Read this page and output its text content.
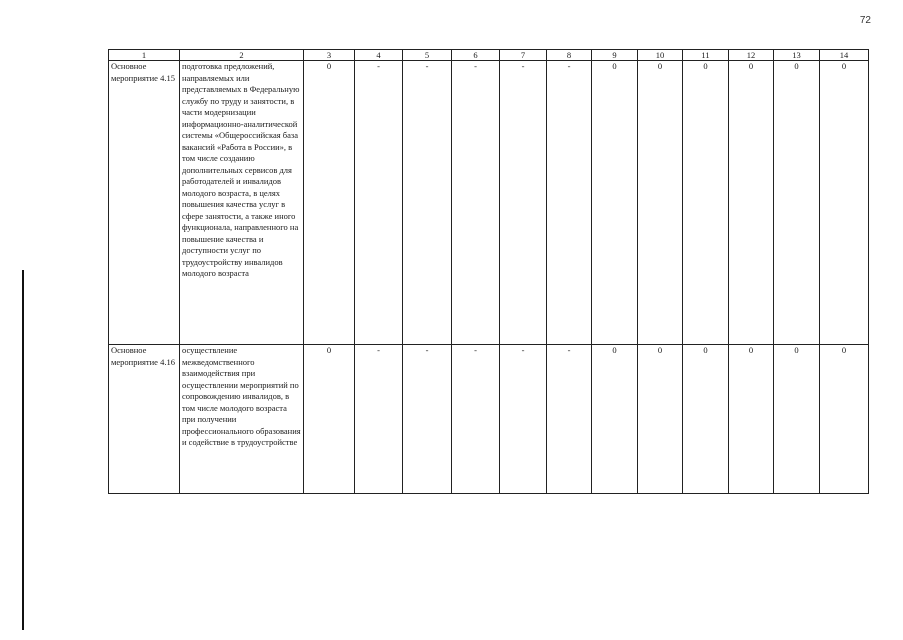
72
1	2	3	4	5	6	7	8	9	10	11	12	13	14
Основное мероприятие 4.15	подготовка предложений, направляемых или представляемых в Федеральную службу по труду и занятости, в части модернизации информационно-аналитической системы «Общероссийская база вакансий «Работа в России», в том числе созданию дополнительных сервисов для работодателей и инвалидов молодого возраста, в целях повышения качества услуг в сфере занятости, а также иного функционала, направленного на повышение качества и доступности услуг по трудоустройству инвалидов молодого возраста	0	-	-	-	-	-	0	0	0	0	0	0
Основное мероприятие 4.16	осуществление межведомственного взаимодействия при осуществлении мероприятий по сопровождению инвалидов, в том числе молодого возраста при получении профессионального образования и содействие в трудоустройстве	0	-	-	-	-	-	0	0	0	0	0	0
